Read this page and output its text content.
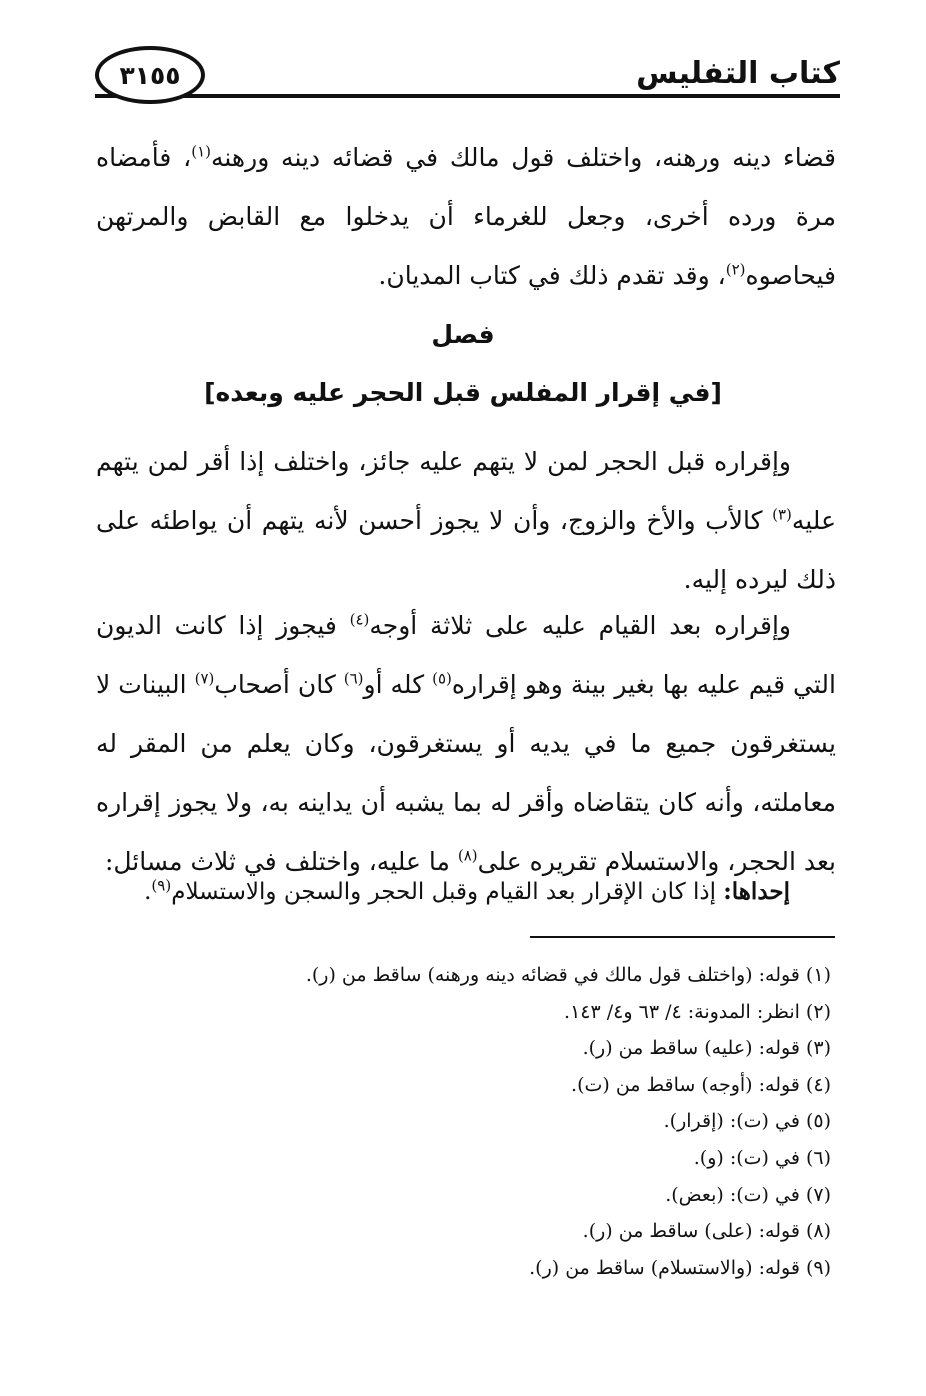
كتاب التفليس
٣١٥٥

قضاء دينه ورهنه، واختلف قول مالك في قضائه دينه ورهنه$^{(١)}$، فأمضاه مرة ورده أخرى، وجعل للغرماء أن يدخلوا مع القابض والمرتهن فيحاصوه$^{(٢)}$، وقد تقدم ذلك في كتاب المديان.

فصل
[في إقرار المفلس قبل الحجر عليه وبعده]

وإقراره قبل الحجر لمن لا يتهم عليه جائز، واختلف إذا أقر لمن يتهم عليه$^{(٣)}$ كالأب والأخ والزوج، وأن لا يجوز أحسن لأنه يتهم أن يواطئه على ذلك ليرده إليه.

وإقراره بعد القيام عليه على ثلاثة أوجه$^{(٤)}$ فيجوز إذا كانت الديون التي قيم عليه بها بغير بينة وهو إقراره$^{(٥)}$ كله أو$^{(٦)}$ كان أصحاب$^{(٧)}$ البينات لا يستغرقون جميع ما في يديه أو يستغرقون، وكان يعلم من المقر له معاملته، وأنه كان يتقاضاه وأقر له بما يشبه أن يداينه به، ولا يجوز إقراره بعد الحجر، والاستسلام تقريره على$^{(٨)}$ ما عليه، واختلف في ثلاث مسائل:

إحداها: إذا كان الإقرار بعد القيام وقبل الحجر والسجن والاستسلام$^{(٩)}$.

(١) قوله: (واختلف قول مالك في قضائه دينه ورهنه) ساقط من (ر).
(٢) انظر: المدونة: ٤/ ٦٣ و٤/ ١٤٣.
(٣) قوله: (عليه) ساقط من (ر).
(٤) قوله: (أوجه) ساقط من (ت).
(٥) في (ت): (إقرار).
(٦) في (ت): (و).
(٧) في (ت): (بعض).
(٨) قوله: (على) ساقط من (ر).
(٩) قوله: (والاستسلام) ساقط من (ر).
